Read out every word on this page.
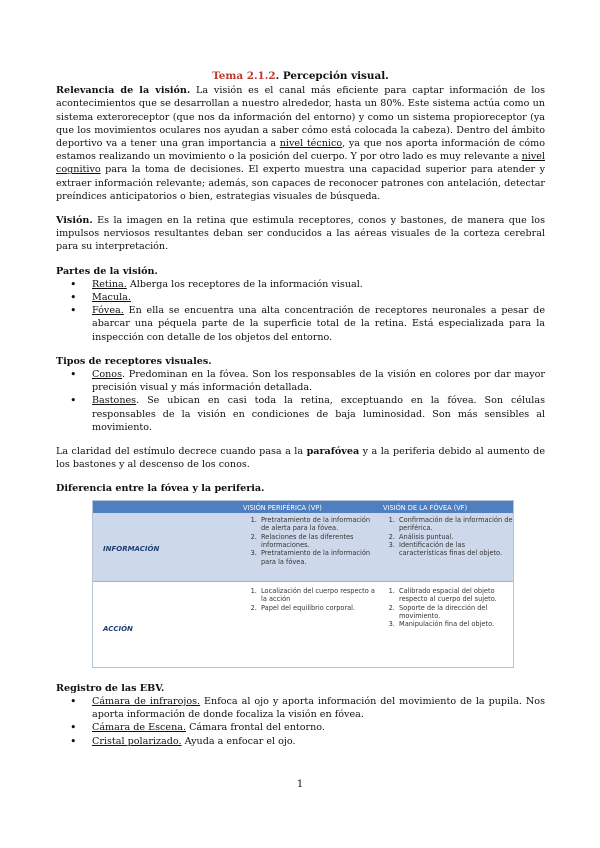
Tema 2.1.2. Percepción visual.

Relevancia de la visión. La visión es el canal más eficiente para captar información de los acontecimientos que se desarrollan a nuestro alrededor, hasta un 80%. Este sistema actúa como un sistema exteroreceptor (que nos da información del entorno) y como un sistema propioreceptor (ya que los movimientos oculares nos ayudan a saber cómo está colocada la cabeza). Dentro del ámbito deportivo va a tener una gran importancia a nivel técnico, ya que nos aporta información de cómo estamos realizando un movimiento o la posición del cuerpo. Y por otro lado es muy relevante a nivel cognitivo para la toma de decisiones. El experto muestra una capacidad superior para atender y extraer información relevante; además, son capaces de reconocer patrones con antelación, detectar preíndices anticipatorios o bien, estrategias visuales de búsqueda.

Visión. Es la imagen en la retina que estimula receptores, conos y bastones, de manera que los impulsos nerviosos resultantes deban ser conducidos a las aéreas visuales de la corteza cerebral para su interpretación.

Partes de la visión.

• Retina. Alberga los receptores de la información visual.
• Macula.
• Fóvea. En ella se encuentra una alta concentración de receptores neuronales a pesar de abarcar una péquela parte de la superficie total de la retina. Está especializada para la inspección con detalle de los objetos del entorno.

Tipos de receptores visuales.

• Conos. Predominan en la fóvea. Son los responsables de la visión en colores por dar mayor precisión visual y más información detallada.
• Bastones. Se ubican en casi toda la retina, exceptuando en la fóvea. Son células responsables de la visión en condiciones de baja luminosidad. Son más sensibles al movimiento.

La claridad del estímulo decrece cuando pasa a la parafóvea y a la periferia debido al aumento de los bastones y al descenso de los conos.

Diferencia entre la fóvea y la periferia.

VISIÓN PERIFÉRICA (VP)	VISIÓN DE LA FÓVEA (VF)
INFORMACIÓN
1. Pretratamiento de la información de alerta para la fóvea.
2. Relaciones de las diferentes informaciones.
3. Pretratamiento de la información para la fóvea.
1. Confirmación de la información de periférica.
2. Análisis puntual.
3. Identificación de las características finas del objeto.
ACCIÓN
1. Localización del cuerpo respecto a la acción
2. Papel del equilibrio corporal.
1. Calibrado espacial del objeto respecto al cuerpo del sujeto.
2. Soporte de la dirección del movimiento.
3. Manipulación fina del objeto.

Registro de las EBV.

• Cámara de infrarojos. Enfoca al ojo y aporta información del movimiento de la pupila. Nos aporta información de donde focaliza la visión en fóvea.
• Cámara de Escena. Cámara frontal del entorno.
• Cristal polarizado. Ayuda a enfocar el ojo.
1
